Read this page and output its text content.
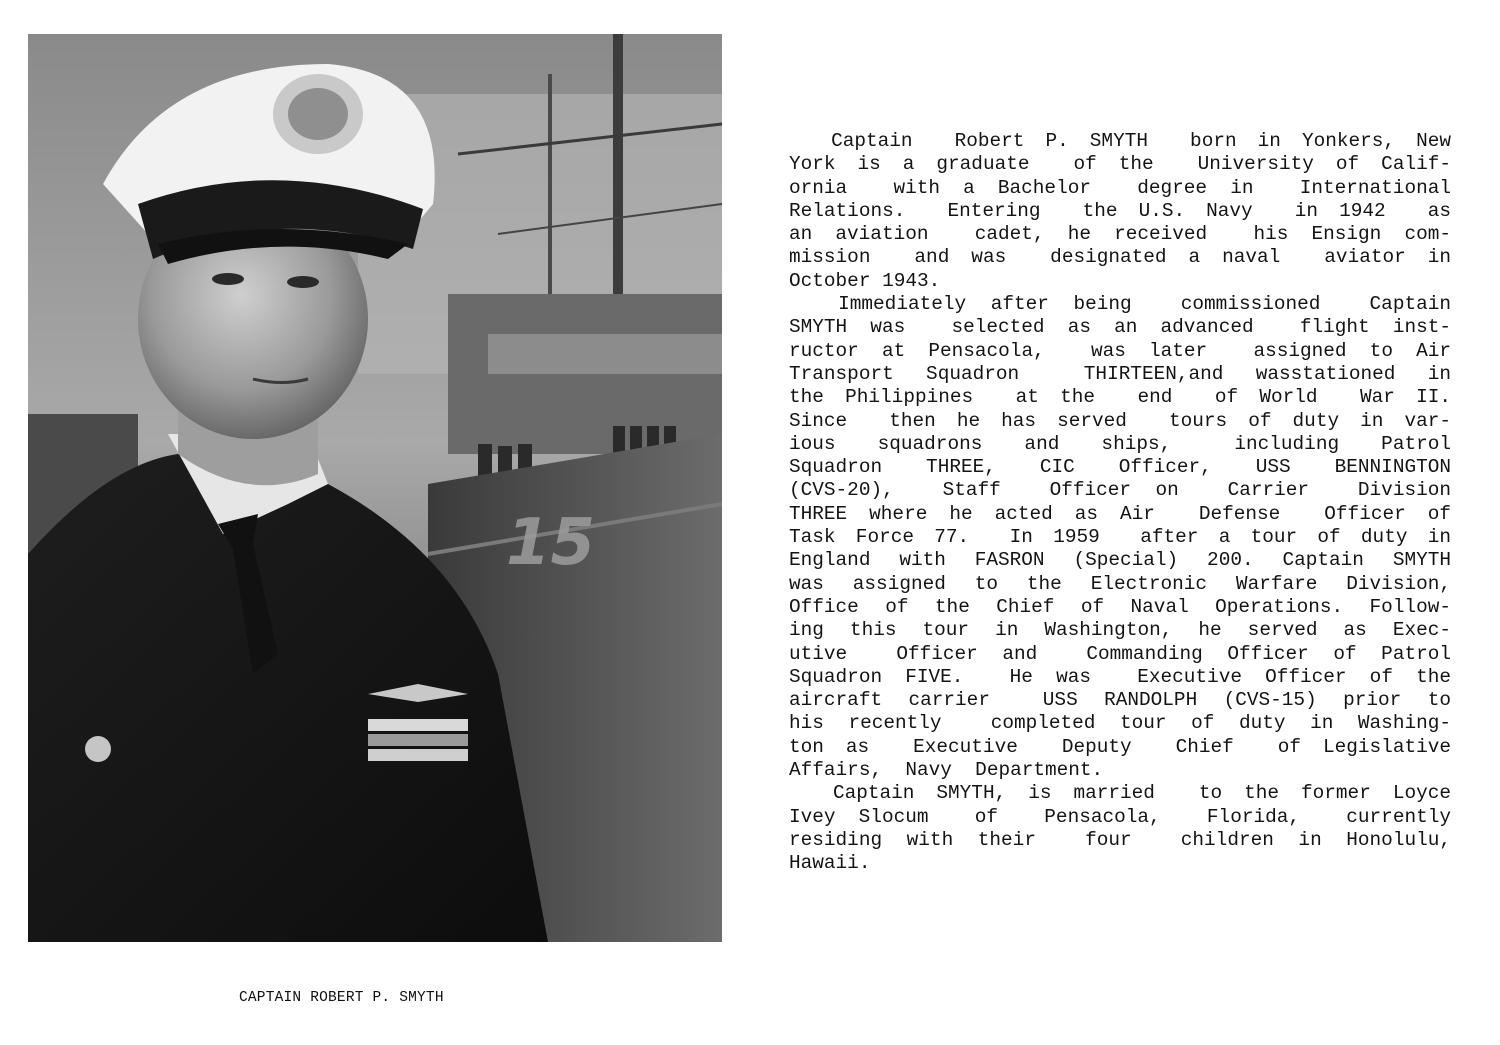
15
CAPTAIN ROBERT P. SMYTH
Captain  Robert P. SMYTH  born in Yonkers, New
York is a graduate  of the  University of Calif-
ornia  with a Bachelor  degree in  International
Relations.  Entering  the U.S. Navy  in 1942  as
an aviation  cadet, he received  his Ensign com-
mission  and was  designated a naval  aviator in
October 1943.
Immediately after being  commissioned  Captain
SMYTH was  selected as an advanced  flight inst-
ructor at Pensacola,  was later  assigned to Air
Transport Squadron  THIRTEEN,and wasstationed in
the Philippines  at the  end  of World  War II.
Since  then he has served  tours of duty in var-
ious  squadrons  and  ships,   including  Patrol
Squadron  THREE,  CIC  Officer,  USS  BENNINGTON
(CVS-20),  Staff  Officer on  Carrier  Division
THREE where he acted as Air  Defense  Officer of
Task Force 77.  In 1959  after a tour of duty in
England with FASRON (Special) 200. Captain SMYTH
was assigned to the Electronic Warfare Division,
Office of the Chief of Naval Operations. Follow-
ing this tour in Washington, he served as Exec-
utive  Officer and  Commanding Officer of Patrol
Squadron FIVE.  He was  Executive Officer of the
aircraft carrier  USS RANDOLPH (CVS-15) prior to
his recently  completed tour of duty in Washing-
ton as  Executive  Deputy  Chief  of Legislative
Affairs,  Navy  Department.
Captain SMYTH, is married  to the former Loyce
Ivey Slocum  of  Pensacola,  Florida,  currently
residing with their  four  children in Honolulu,
Hawaii.
